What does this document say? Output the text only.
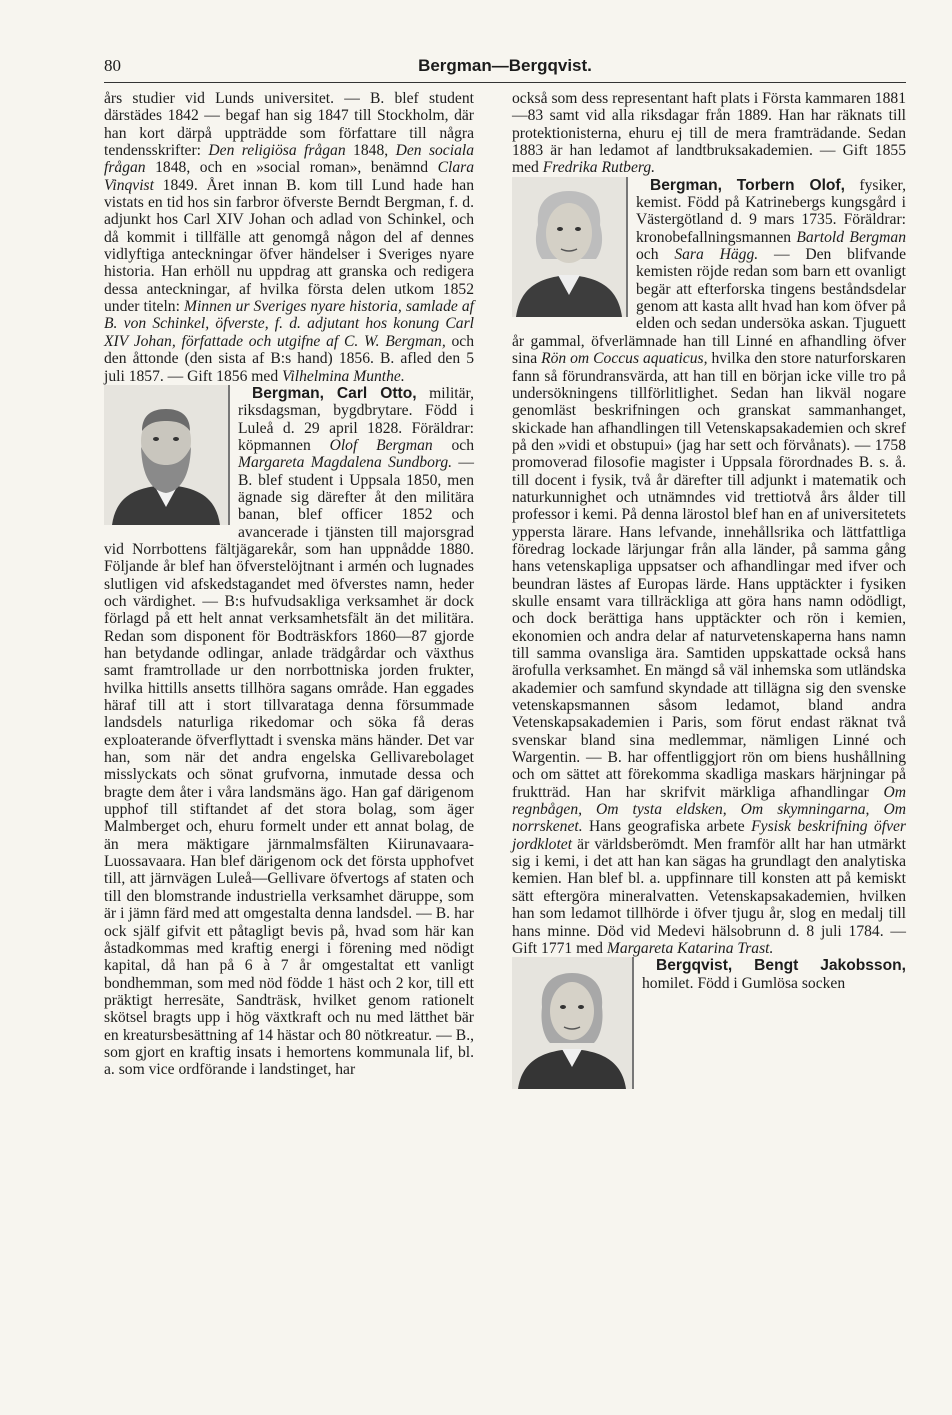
80	Bergman—Bergqvist.

års studier vid Lunds universitet. — B. blef student därstädes 1842 — begaf han sig 1847 till Stockholm, där han kort därpå uppträdde som författare till några tendensskrifter: Den religiösa frågan 1848, Den sociala frågan 1848, och en »social roman», benämnd Clara Vinqvist 1849. Året innan B. kom till Lund hade han vistats en tid hos sin farbror öfverste Berndt Bergman, f. d. adjunkt hos Carl XIV Johan och adlad von Schinkel, och då kommit i tillfälle att genomgå någon del af dennes vidlyftiga anteckningar öfver händelser i Sveriges nyare historia. Han erhöll nu uppdrag att granska och redigera dessa anteckningar, af hvilka första delen utkom 1852 under titeln: Minnen ur Sveriges nyare historia, samlade af B. von Schinkel, öfverste, f. d. adjutant hos konung Carl XIV Johan, författade och utgifne af C. W. Bergman, och den åttonde (den sista af B:s hand) 1856. B. afled den 5 juli 1857. — Gift 1856 med Vilhelmina Munthe.

Bergman, Carl Otto, militär, riksdagsman, bygdbrytare. Född i Luleå d. 29 april 1828. Föräldrar: köpmannen Olof Bergman och Margareta Magdalena Sundborg. — B. blef student i Uppsala 1850, men ägnade sig därefter åt den militära banan, blef officer 1852 och avancerade i tjänsten till majorsgrad vid Norrbottens fältjägarekår, som han uppnådde 1880. Följande år blef han öfverstelöjtnant i armén och lugnades slutligen vid afskedstagandet med öfverstes namn, heder och värdighet. — B:s hufvudsakliga verksamhet är dock förlagd på ett helt annat verksamhetsfält än det militära. Redan som disponent för Bodträskfors 1860—87 gjorde han betydande odlingar, anlade trädgårdar och växthus samt framtrollade ur den norrbottniska jorden frukter, hvilka hittills ansetts tillhöra sagans område. Han eggades häraf till att i stort tillvarataga denna försummade landsdels naturliga rikedomar och söka få deras exploaterande öfverflyttadt i svenska mäns händer. Det var han, som när det andra engelska Gellivarebolaget misslyckats och sönat grufvorna, inmutade dessa och bragte dem åter i våra landsmäns ägo. Han gaf därigenom upphof till stiftandet af det stora bolag, som äger Malmberget och, ehuru formelt under ett annat bolag, de än mera mäktigare järnmalmsfälten Kiirunavaara-Luossavaara. Han blef därigenom ock det första upphofvet till, att järnvägen Luleå—Gellivare öfvertogs af staten och till den blomstrande industriella verksamhet däruppe, som är i jämn färd med att omgestalta denna landsdel. — B. har ock själf gifvit ett påtagligt bevis på, hvad som här kan åstadkommas med kraftig energi i förening med nödigt kapital, då han på 6 à 7 år omgestaltat ett vanligt bondhemman, som med nöd födde 1 häst och 2 kor, till ett präktigt herresäte, Sandträsk, hvilket genom rationelt skötsel bragts upp i hög växtkraft och nu med lätthet bär en kreatursbesättning af 14 hästar och 80 nötkreatur. — B., som gjort en kraftig insats i hemortens kommunala lif, bl. a. som vice ordförande i landstinget, har

också som dess representant haft plats i Första kammaren 1881—83 samt vid alla riksdagar från 1889. Han har räknats till protektionisterna, ehuru ej till de mera framträdande. Sedan 1883 är han ledamot af landtbruksakademien. — Gift 1855 med Fredrika Rutberg.

Bergman, Torbern Olof, fysiker, kemist. Född på Katrinebergs kungsgård i Västergötland d. 9 mars 1735. Föräldrar: kronobefallningsmannen Bartold Bergman och Sara Hägg. — Den blifvande kemisten röjde redan som barn ett ovanligt begär att efterforska tingens beståndsdelar genom att kasta allt hvad han kom öfver på elden och sedan undersöka askan. Tjuguett år gammal, öfverlämnade han till Linné en afhandling öfver sina Rön om Coccus aquaticus, hvilka den store naturforskaren fann så förundransvärda, att han till en början icke ville tro på undersökningens tillförlitlighet. Sedan han likväl nogare genomläst beskrifningen och granskat sammanhanget, skickade han afhandlingen till Vetenskapsakademien och skref på den »vidi et obstupui» (jag har sett och förvånats). — 1758 promoverad filosofie magister i Uppsala förordnades B. s. å. till docent i fysik, två år därefter till adjunkt i matematik och naturkunnighet och utnämndes vid trettiotvå års ålder till professor i kemi. På denna lärostol blef han en af universitetets yppersta lärare. Hans lefvande, innehållsrika och lättfattliga föredrag lockade lärjungar från alla länder, på samma gång hans vetenskapliga uppsatser och afhandlingar med ifver och beundran lästes af Europas lärde. Hans upptäckter i fysiken skulle ensamt vara tillräckliga att göra hans namn odödligt, och dock berättiga hans upptäckter och rön i kemien, ekonomien och andra delar af naturvetenskaperna hans namn till samma ovansliga ära. Samtiden uppskattade också hans ärofulla verksamhet. En mängd så väl inhemska som utländska akademier och samfund skyndade att tillägna sig den svenske vetenskapsmannen såsom ledamot, bland andra Vetenskapsakademien i Paris, som förut endast räknat två svenskar bland sina medlemmar, nämligen Linné och Wargentin. — B. har offentliggjort rön om biens hushållning och om sättet att förekomma skadliga maskars härjningar på fruktträd. Han har skrifvit märkliga afhandlingar Om regnbågen, Om tysta eldsken, Om skymningarna, Om norrskenet. Hans geografiska arbete Fysisk beskrifning öfver jordklotet är världsberömdt. Men framför allt har han utmärkt sig i kemi, i det att han kan sägas ha grundlagt den analytiska kemien. Han blef bl. a. uppfinnare till konsten att på kemiskt sätt eftergöra mineralvatten. Vetenskapsakademien, hvilken han som ledamot tillhörde i öfver tjugu år, slog en medalj till hans minne. Död vid Medevi hälsobrunn d. 8 juli 1784. — Gift 1771 med Margareta Katarina Trast.

Bergqvist, Bengt Jakobsson, homilet. Född i Gumlösa socken
